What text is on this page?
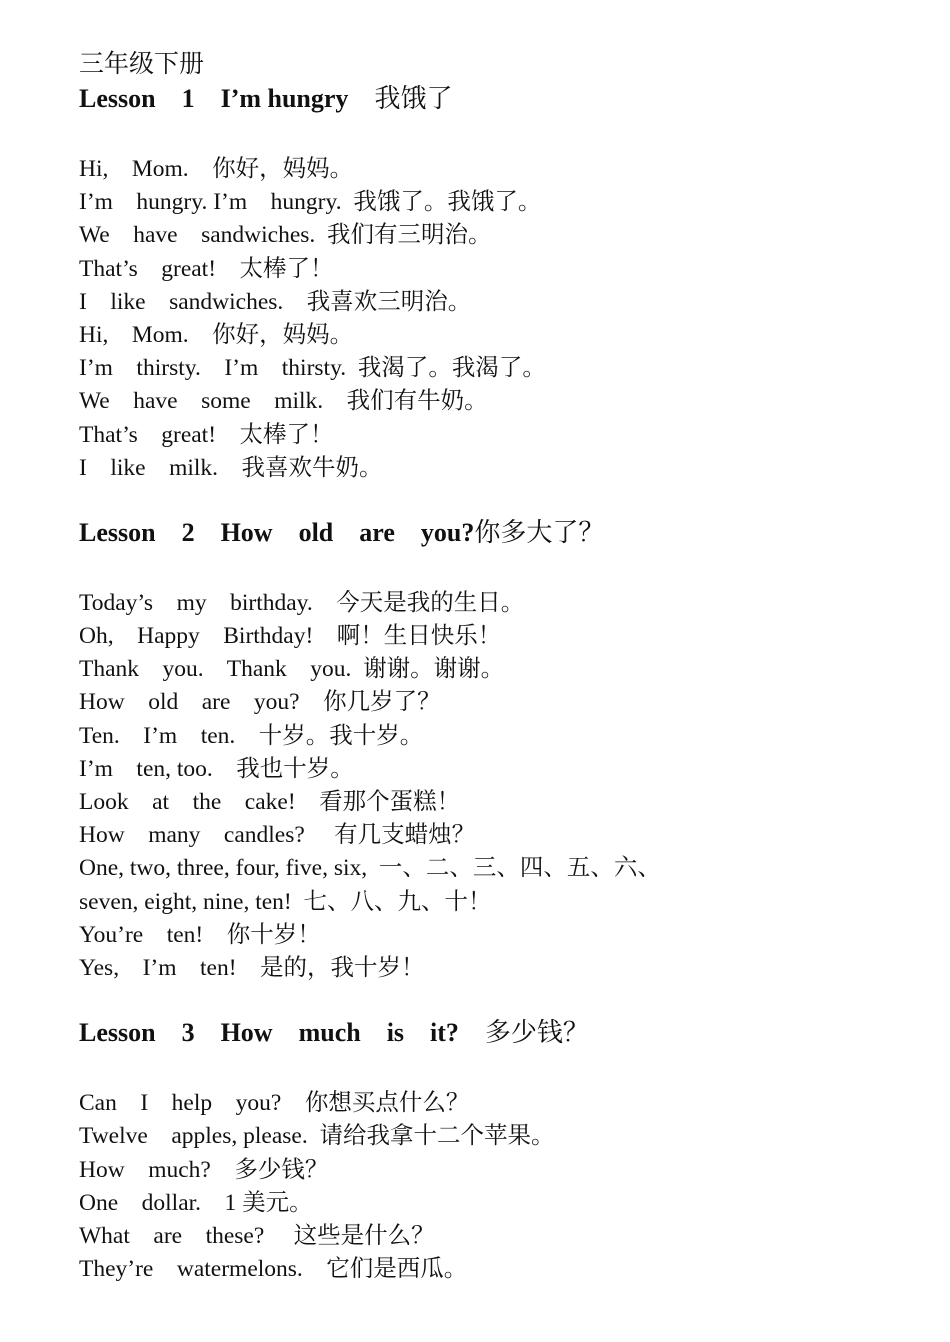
三年级下册
Lesson    1    I’m hungry    我饿了
Hi,    Mom.    你好，妈妈。
I’m    hungry. I’m    hungry.  我饿了。我饿了。
We    have    sandwiches.  我们有三明治。
That’s    great!    太棒了！
I    like    sandwiches.    我喜欢三明治。
Hi,    Mom.    你好，妈妈。
I’m    thirsty.    I’m    thirsty.  我渴了。我渴了。
We    have    some    milk.    我们有牛奶。
That’s    great!    太棒了！
I    like    milk.    我喜欢牛奶。
Lesson    2    How    old    are    you?你多大了？
Today’s    my    birthday.    今天是我的生日。
Oh,    Happy    Birthday!    啊！生日快乐！
Thank    you.    Thank    you.  谢谢。谢谢。
How    old    are    you?    你几岁了？
Ten.    I’m    ten.    十岁。我十岁。
I’m    ten, too.    我也十岁。
Look    at    the    cake!    看那个蛋糕！
How    many    candles?     有几支蜡烛？
One, two, three, four, five, six,  一、二、三、四、五、六、
seven, eight, nine, ten!  七、八、九、十！
You’re    ten!    你十岁！
Yes,    I’m    ten!    是的，我十岁！
Lesson    3    How    much    is    it?    多少钱？
Can    I    help    you?    你想买点什么？
Twelve    apples, please.  请给我拿十二个苹果。
How    much?    多少钱？
One    dollar.    1 美元。
What    are    these?     这些是什么？
They’re    watermelons.    它们是西瓜。
